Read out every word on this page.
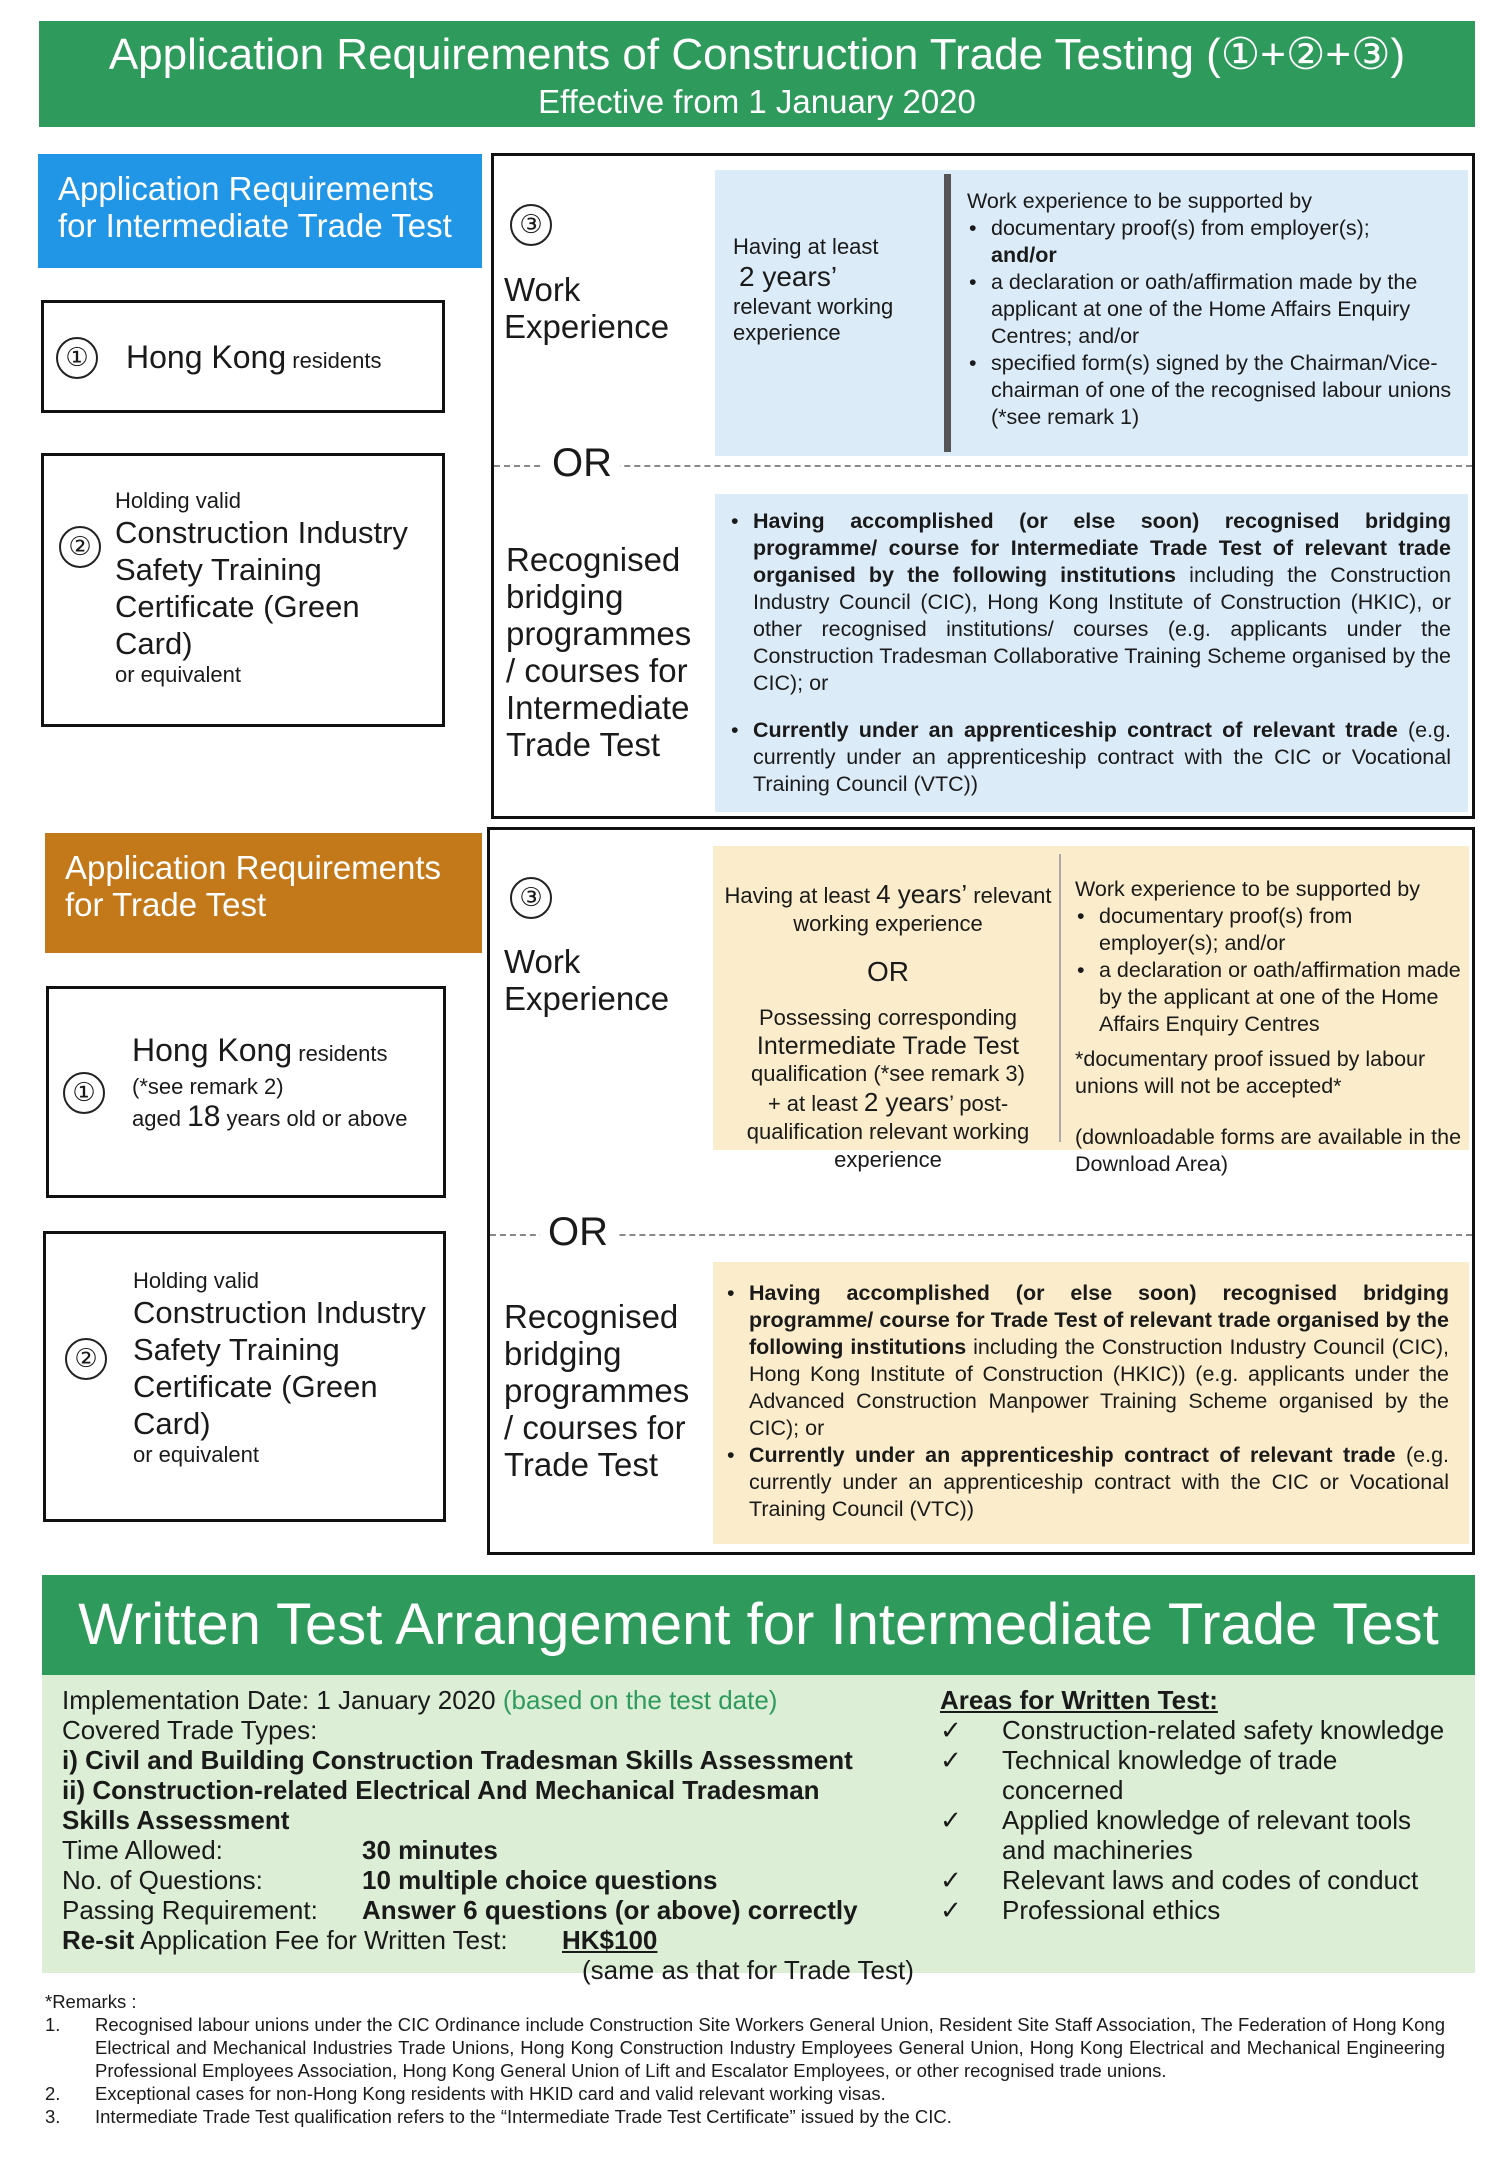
Application Requirements of Construction Trade Testing (①+②+③)
Effective from 1 January 2020
Application Requirements for Intermediate Trade Test
① Hong Kong residents
②
Holding valid
Construction Industry Safety Training Certificate (Green Card)
or equivalent
③
Work Experience
Having at least
2 years’
relevant working experience
Work experience to be supported by
• documentary proof(s) from employer(s);
and/or
• a declaration or oath/affirmation made by the applicant at one of the Home Affairs Enquiry Centres; and/or
• specified form(s) signed by the Chairman/Vice-chairman of one of the recognised labour unions (*see remark 1)
OR
Recognised bridging programmes / courses for Intermediate Trade Test
• Having accomplished (or else soon) recognised bridging programme/ course for Intermediate Trade Test of relevant trade organised by the following institutions including the Construction Industry Council (CIC), Hong Kong Institute of Construction (HKIC), or other recognised institutions/ courses (e.g. applicants under the Construction Tradesman Collaborative Training Scheme organised by the CIC); or
• Currently under an apprenticeship contract of relevant trade (e.g. currently under an apprenticeship contract with the CIC or Vocational Training Council (VTC))
Application Requirements for Trade Test
①
Hong Kong residents
(*see remark 2)
aged 18 years old or above
②
Holding valid
Construction Industry Safety Training Certificate (Green Card)
or equivalent
③
Work Experience
Having at least 4 years’ relevant working experience
OR
Possessing corresponding
Intermediate Trade Test
qualification (*see remark 3)
+ at least 2 years’ post-qualification relevant working experience
Work experience to be supported by
• documentary proof(s) from employer(s); and/or
• a declaration or oath/affirmation made by the applicant at one of the Home Affairs Enquiry Centres
*documentary proof issued by labour unions will not be accepted*
(downloadable forms are available in the Download Area)
OR
Recognised bridging programmes / courses for Trade Test
• Having accomplished (or else soon) recognised bridging programme/ course for Trade Test of relevant trade organised by the following institutions including the Construction Industry Council (CIC), Hong Kong Institute of Construction (HKIC)) (e.g. applicants under the Advanced Construction Manpower Training Scheme organised by the CIC); or
• Currently under an apprenticeship contract of relevant trade (e.g. currently under an apprenticeship contract with the CIC or Vocational Training Council (VTC))
Written Test Arrangement for Intermediate Trade Test
Implementation Date: 1 January 2020 (based on the test date)
Covered Trade Types:
i) Civil and Building Construction Tradesman Skills Assessment
ii) Construction-related Electrical And Mechanical Tradesman Skills Assessment
Time Allowed:	30 minutes
No. of Questions:	10 multiple choice questions
Passing Requirement:	Answer 6 questions (or above) correctly
Re-sit Application Fee for Written Test:	HK$100
(same as that for Trade Test)
Areas for Written Test:
✓ Construction-related safety knowledge
✓ Technical knowledge of trade concerned
✓ Applied knowledge of relevant tools and machineries
✓ Relevant laws and codes of conduct
✓ Professional ethics
*Remarks :
1. Recognised labour unions under the CIC Ordinance include Construction Site Workers General Union, Resident Site Staff Association, The Federation of Hong Kong Electrical and Mechanical Industries Trade Unions, Hong Kong Construction Industry Employees General Union, Hong Kong Electrical and Mechanical Engineering Professional Employees Association, Hong Kong General Union of Lift and Escalator Employees, or other recognised trade unions.
2. Exceptional cases for non-Hong Kong residents with HKID card and valid relevant working visas.
3. Intermediate Trade Test qualification refers to the “Intermediate Trade Test Certificate” issued by the CIC.
